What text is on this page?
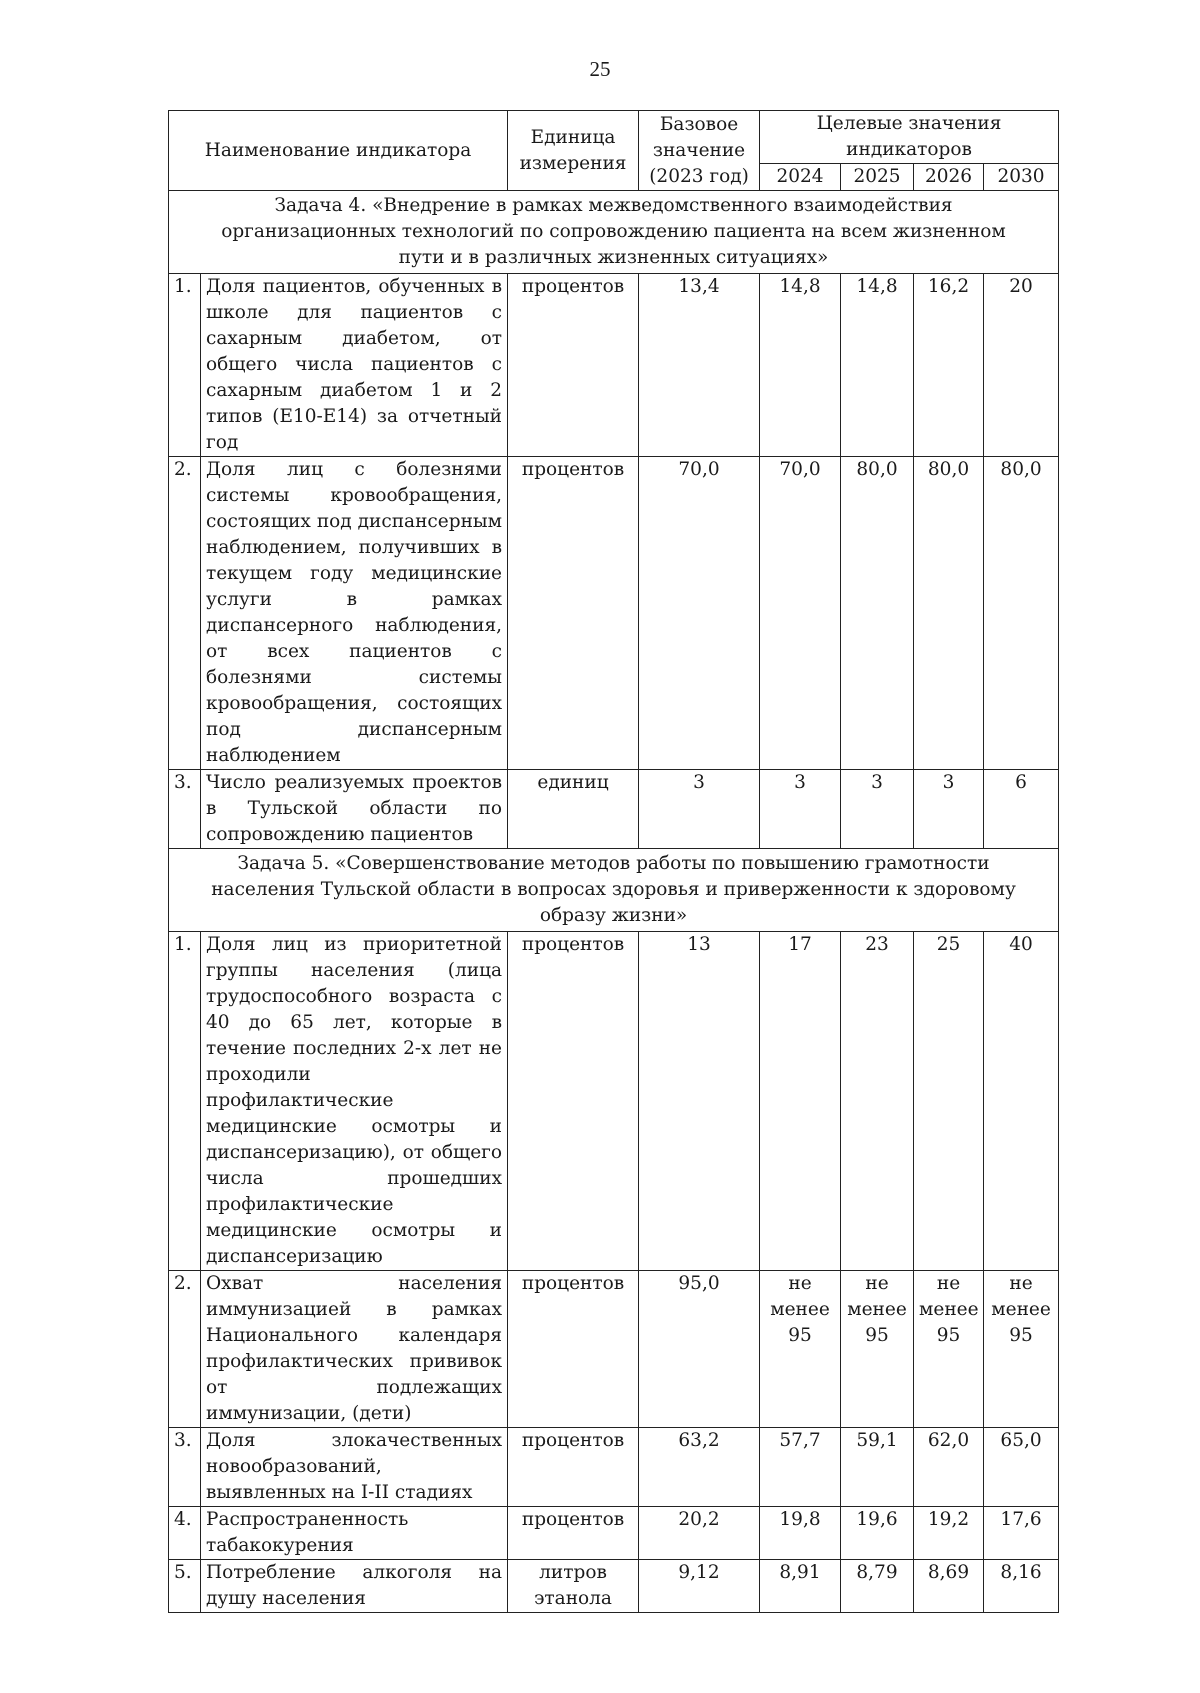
25
Наименование индикатора		Единица измерения	Базовое значение (2023 год)	Целевые значения индикаторов			
				2024	2025	2026	2030
Задача 4. «Внедрение в рамках межведомственного взаимодействия организационных технологий по сопровождению пациента на всем жизненном пути и в различных жизненных ситуациях»							
1.	Доля пациентов, обученных в школе для пациентов с сахарным диабетом, от общего числа пациентов с сахарным диабетом 1 и 2 типов (E10-E14) за отчетный год	процентов	13,4	14,8	14,8	16,2	20
2.	Доля лиц с болезнями системы кровообращения, состоящих под диспансерным наблюдением, получивших в текущем году медицинские услуги в рамках диспансерного наблюдения, от всех пациентов с болезнями системы кровообращения, состоящих под диспансерным наблюдением	процентов	70,0	70,0	80,0	80,0	80,0
3.	Число реализуемых проектов в Тульской области по сопровождению пациентов	единиц	3	3	3	3	6
Задача 5. «Совершенствование методов работы по повышению грамотности населения Тульской области в вопросах здоровья и приверженности к здоровому образу жизни»							
1.	Доля лиц из приоритетной группы населения (лица трудоспособного возраста с 40 до 65 лет, которые в течение последних 2-х лет не проходили профилактические медицинские осмотры и диспансеризацию), от общего числа прошедших профилактические медицинские осмотры и диспансеризацию	процентов	13	17	23	25	40
2.	Охват населения иммунизацией в рамках Национального календаря профилактических прививок от подлежащих иммунизации, (дети)	процентов	95,0	не менее 95	не менее 95	не менее 95	не менее 95
3.	Доля злокачественных новообразований, выявленных на I-II стадиях	процентов	63,2	57,7	59,1	62,0	65,0
4.	Распространенность табакокурения	процентов	20,2	19,8	19,6	19,2	17,6
5.	Потребление алкоголя на душу населения	литров этанола	9,12	8,91	8,79	8,69	8,16
